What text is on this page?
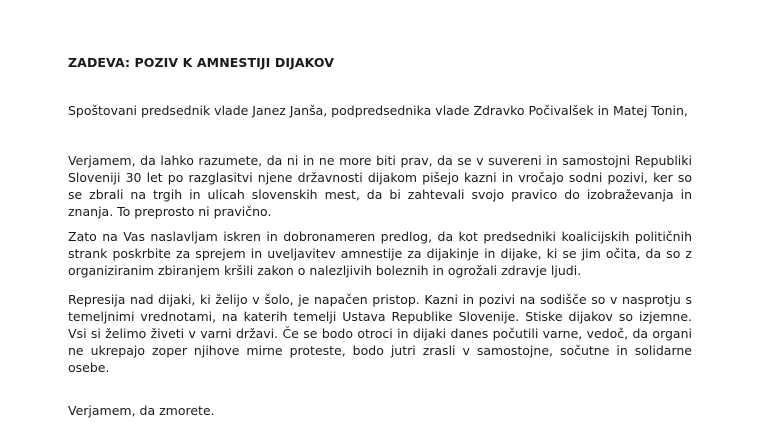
ZADEVA: POZIV K AMNESTIJI DIJAKOV

Spoštovani predsednik vlade Janez Janša, podpredsednika vlade Zdravko Počivalšek in Matej Tonin,

Verjamem, da lahko razumete, da ni in ne more biti prav, da se v suvereni in samostojni Republiki Sloveniji 30 let po razglasitvi njene državnosti dijakom pišejo kazni in vročajo sodni pozivi, ker so se zbrali na trgih in ulicah slovenskih mest, da bi zahtevali svojo pravico do izobraževanja in znanja. To preprosto ni pravično.

Zato na Vas naslavljam iskren in dobronameren predlog, da kot predsedniki koalicijskih političnih strank poskrbite za sprejem in uveljavitev amnestije za dijakinje in dijake, ki se jim očita, da so z organiziranim zbiranjem kršili zakon o nalezljivih boleznih in ogrožali zdravje ljudi.

Represija nad dijaki, ki želijo v šolo, je napačen pristop. Kazni in pozivi na sodišče so v nasprotju s temeljnimi vrednotami, na katerih temelji Ustava Republike Slovenije. Stiske dijakov so izjemne. Vsi si želimo živeti v varni državi. Če se bodo otroci in dijaki danes počutili varne, vedoč, da organi ne ukrepajo zoper njihove mirne proteste, bodo jutri zrasli v samostojne, sočutne in solidarne osebe.

Verjamem, da zmorete.
